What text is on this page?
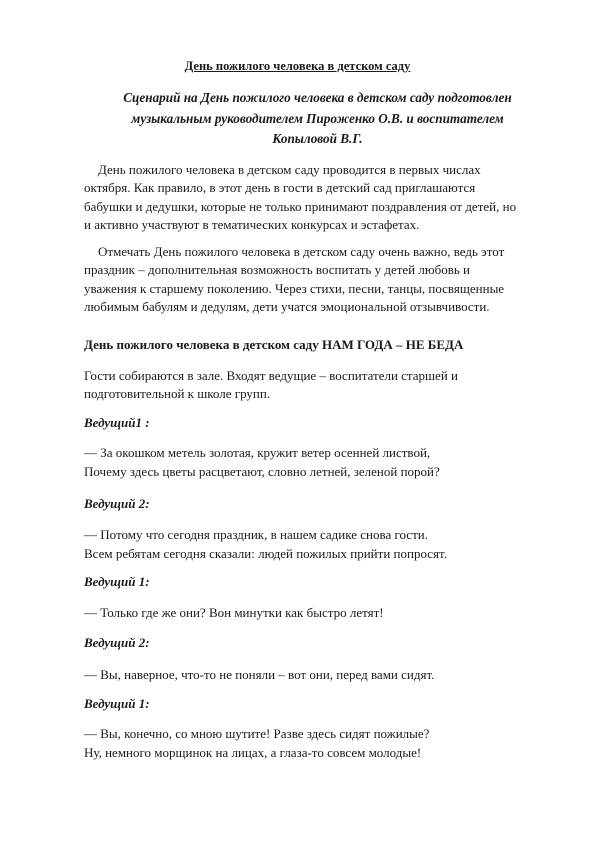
День пожилого человека в детском саду
Сценарий на День пожилого человека в детском саду подготовлен
музыкальным руководителем Пироженко О.В. и воспитателем
Копыловой В.Г.
День пожилого человека в детском саду проводится в первых числах
октября. Как правило, в этот день в гости в детский сад приглашаются
бабушки и дедушки, которые не только принимают поздравления от детей, но
и активно участвуют в тематических конкурсах и эстафетах.
Отмечать День пожилого человека в детском саду очень важно, ведь этот
праздник – дополнительная возможность воспитать у детей любовь и
уважения к старшему поколению. Через стихи, песни, танцы, посвященные
любимым бабулям и дедулям, дети учатся эмоциональной отзывчивости.
День пожилого человека в детском саду НАМ ГОДА – НЕ БЕДА
Гости собираются в зале. Входят ведущие – воспитатели старшей и
подготовительной к школе групп.
Ведущий1 :
— За окошком метель золотая, кружит ветер осенней листвой,
Почему здесь цветы расцветают, словно летней, зеленой порой?
Ведущий 2:
— Потому что сегодня праздник, в нашем садике снова гости.
Всем ребятам сегодня сказали: людей пожилых прийти попросят.
Ведущий 1:
— Только где же они? Вон минутки как быстро летят!
Ведущий 2:
— Вы, наверное, что-то не поняли – вот они, перед вами сидят.
Ведущий 1:
— Вы, конечно, со мною шутите! Разве здесь сидят пожилые?
Ну, немного морщинок на лицах, а глаза-то совсем молодые!
